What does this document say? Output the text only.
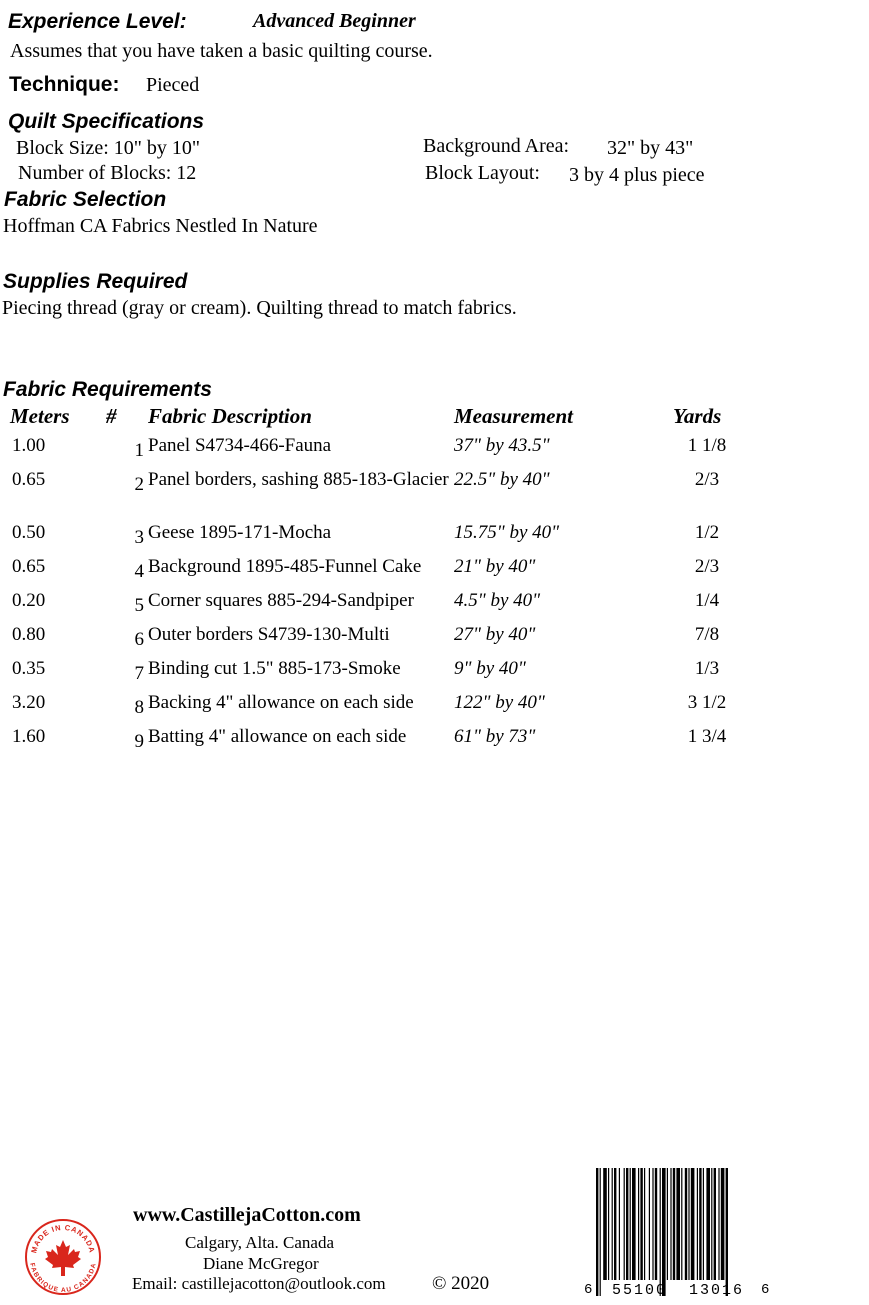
Experience Level:	Advanced Beginner
Assumes that you have taken a basic quilting course.
Technique: Pieced
Quilt Specifications
Block Size: 10" by 10"
Number of Blocks: 12
Background Area: 32" by 43"
Block Layout: 3 by 4 plus piece
Fabric Selection
Hoffman CA Fabrics Nestled In Nature
Supplies Required
Piecing thread (gray or cream). Quilting thread to match fabrics.
Fabric Requirements
Meters	#	Fabric Description	Measurement	Yards
1.00	1	Panel S4734-466-Fauna	37" by 43.5"	1 1/8
0.65	2	Panel borders, sashing 885-183-Glacier	22.5" by 40"	2/3
0.50	3	Geese 1895-171-Mocha	15.75" by 40"	1/2
0.65	4	Background 1895-485-Funnel Cake	21" by 40"	2/3
0.20	5	Corner squares 885-294-Sandpiper	4.5" by 40"	1/4
0.80	6	Outer borders S4739-130-Multi	27" by 40"	7/8
0.35	7	Binding cut 1.5" 885-173-Smoke	9" by 40"	1/3
3.20	8	Backing 4" allowance on each side	122" by 40"	3 1/2
1.60	9	Batting 4" allowance on each side	61" by 73"	1 3/4
MADE IN CANADA
FABRIQUE AU CANADA
www.CastillejaCotton.com
Calgary, Alta. Canada
Diane McGregor
Email: castillejacotton@outlook.com © 2020	6 55100 13016 6
